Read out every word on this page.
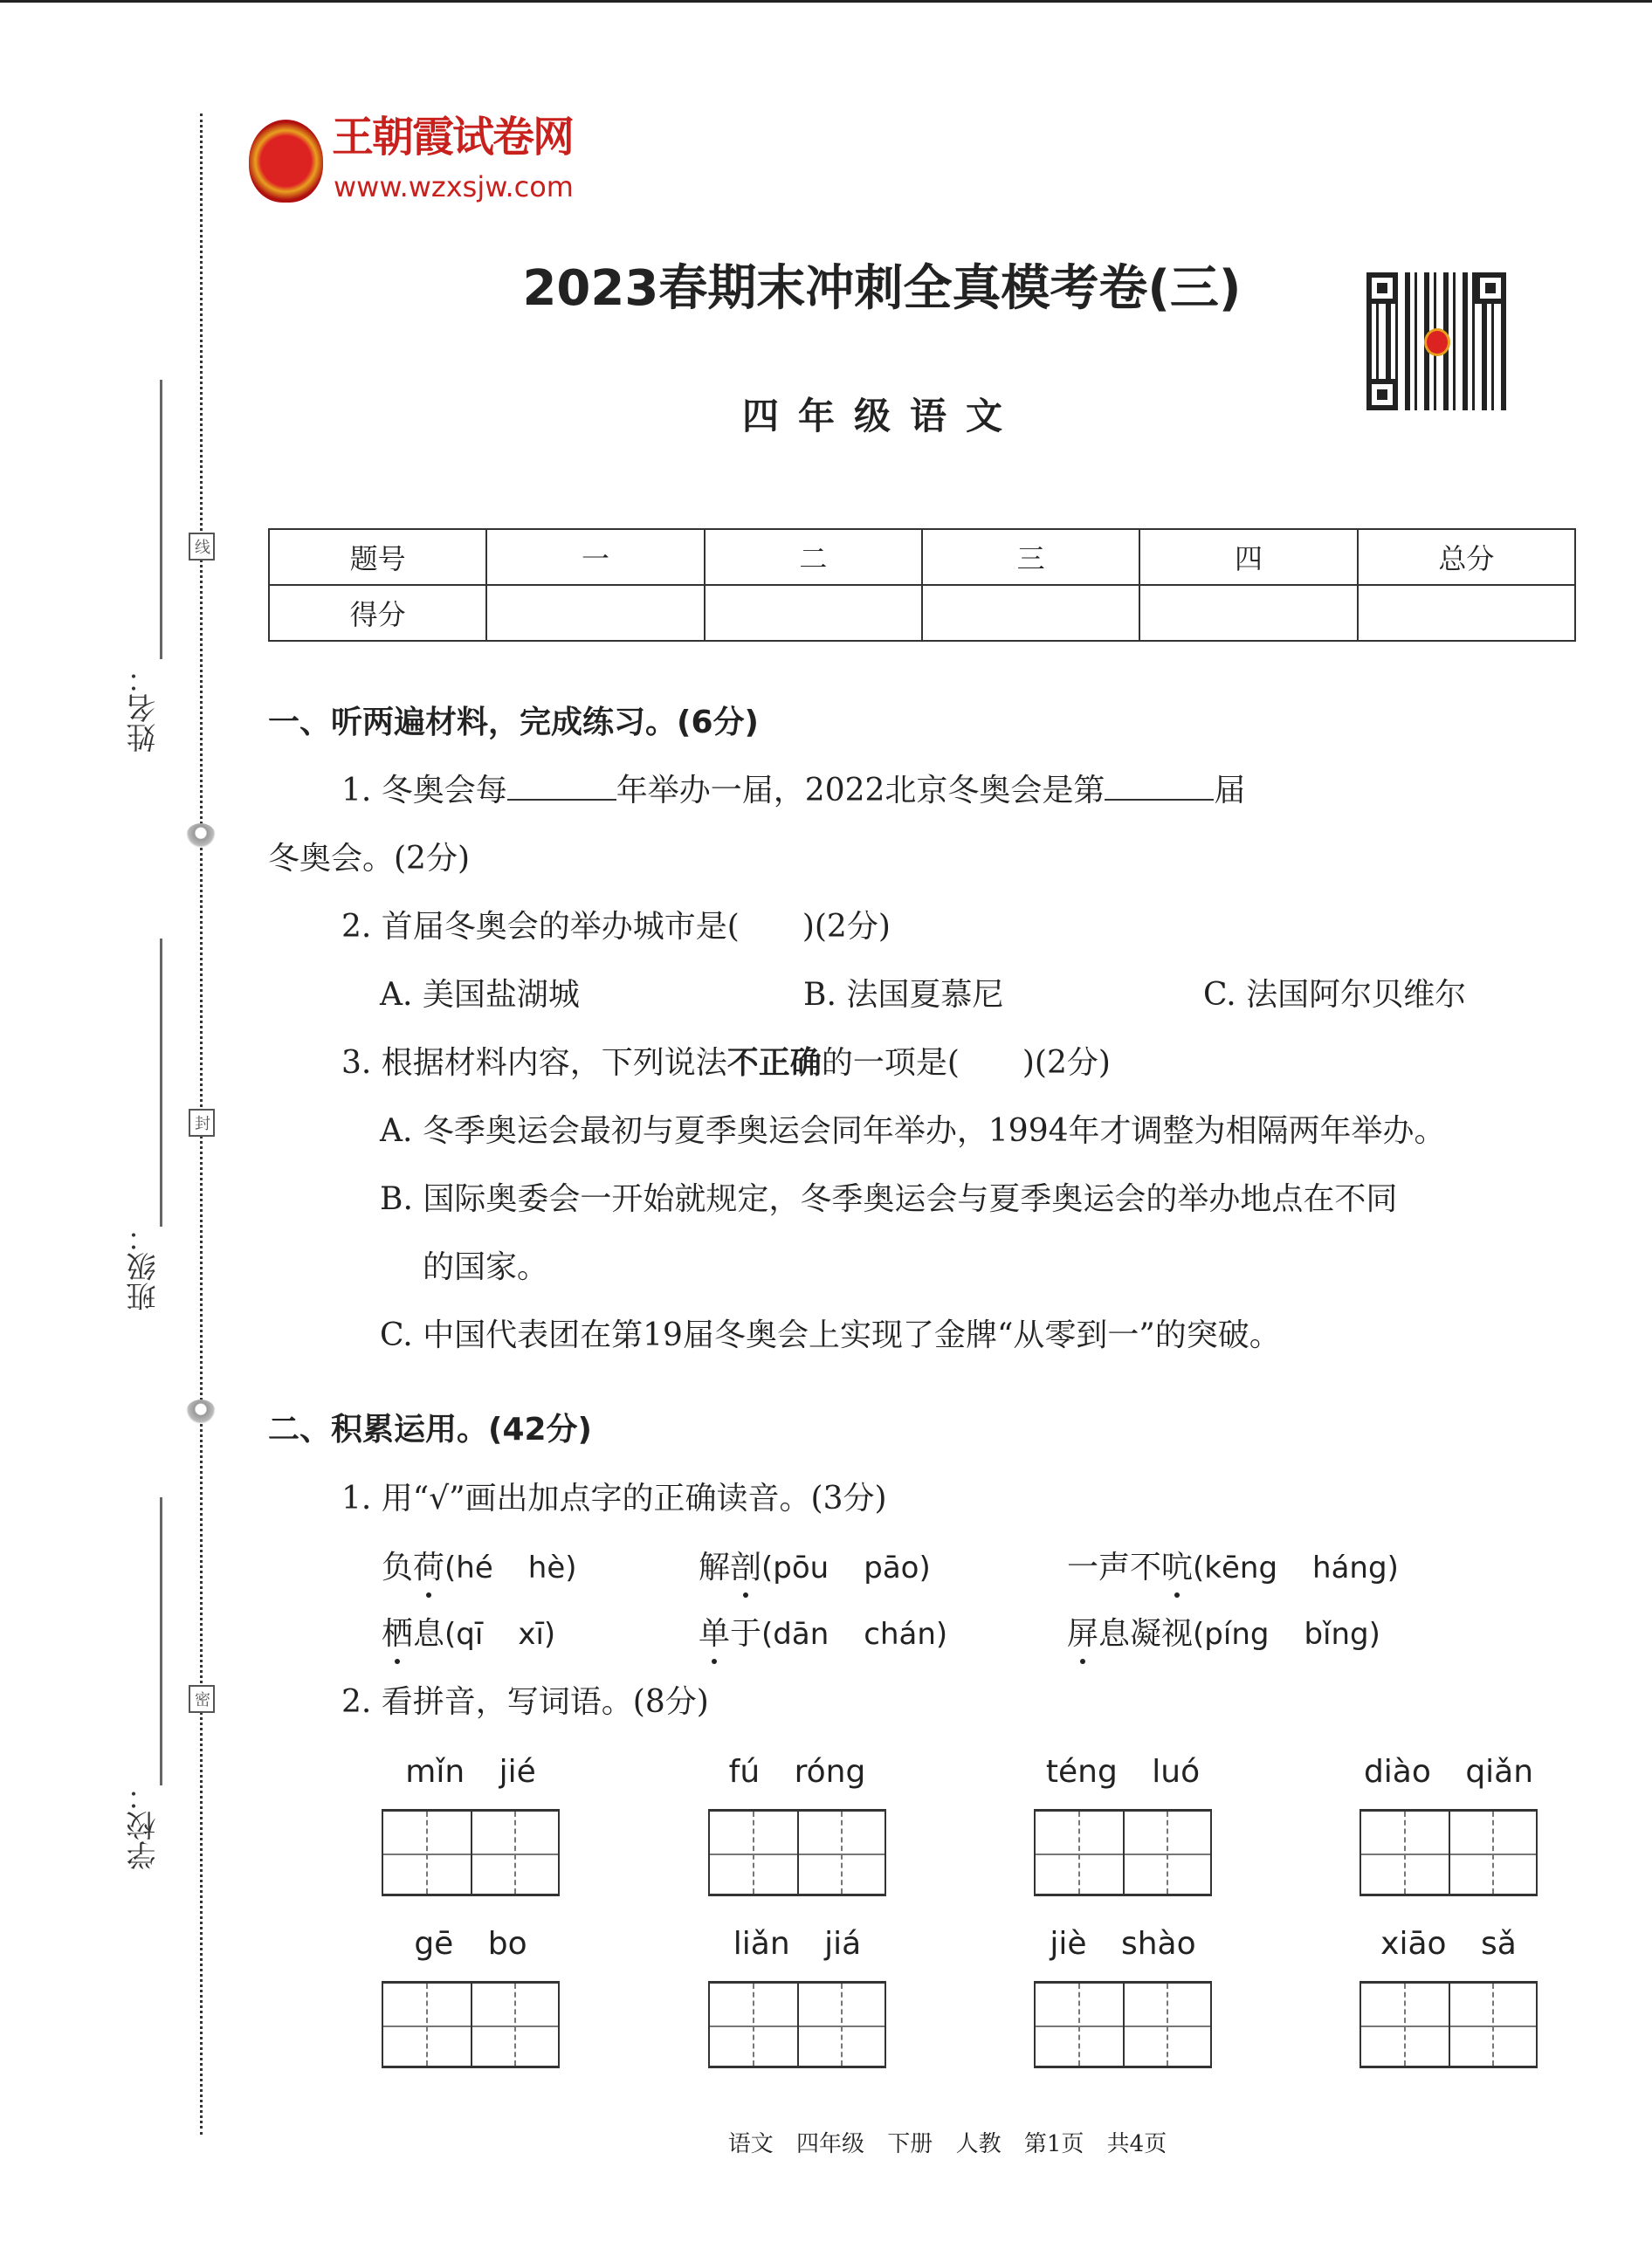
姓名：
班级：
学校：
线
封
密
王朝霞试卷网
www.wzxsjw.com
2023春期末冲刺全真模考卷(三)
四年级语文
题号	一	二	三	四	总分
得分					
一、听两遍材料，完成练习。(6分)
1. 冬奥会每	年举办一届，2022北京冬奥会是第	届
冬奥会。(2分)
2. 首届冬奥会的举办城市是(　　)(2分)
A. 美国盐湖城	B. 法国夏慕尼	C. 法国阿尔贝维尔
3. 根据材料内容，下列说法不正确的一项是(　　)(2分)
A. 冬季奥运会最初与夏季奥运会同年举办，1994年才调整为相隔两年举办。
B. 国际奥委会一开始就规定，冬季奥运会与夏季奥运会的举办地点在不同
的国家。
C. 中国代表团在第19届冬奥会上实现了金牌“从零到一”的突破。
二、积累运用。(42分)
1. 用“√”画出加点字的正确读音。(3分)
负荷(hé hè)	解剖(pōu pāo)	一声不吭(kēng háng)
栖息(qī xī)	单于(dān chán)	屏息凝视(píng bǐng)
2. 看拼音，写词语。(8分)
mǐn jié	fú róng	téng luó	diào qiǎn
gē bo	liǎn jiá	jiè shào	xiāo sǎ
语文 四年级 下册 人教 第1页 共4页
